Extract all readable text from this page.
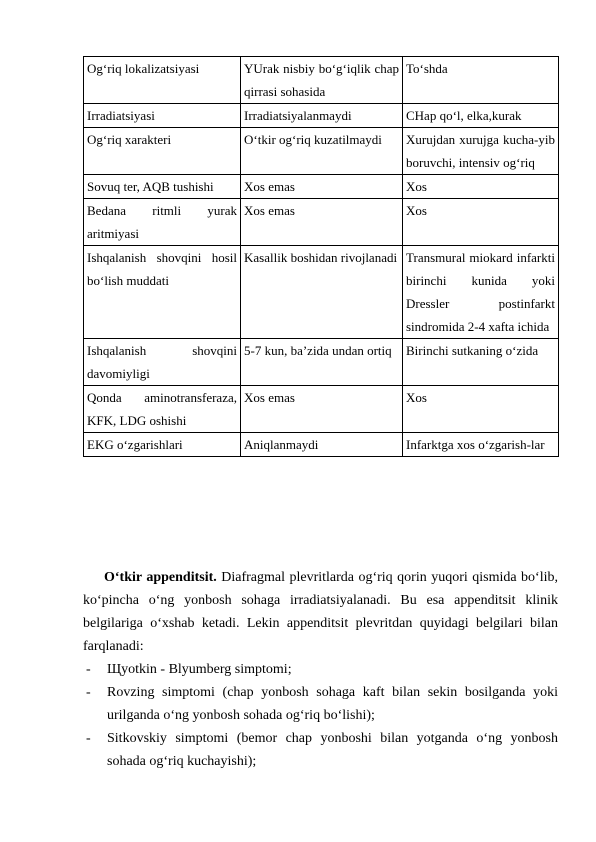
Og‘riq lokalizatsiyasi	YUrak nisbiy bo‘g‘iqlik chap qirrasi sohasida	To‘shda
Irradiatsiyasi	Irradiatsiyalanmaydi	CHap qo‘l, elka,kurak
Og‘riq xarakteri	O‘tkir og‘riq kuzatilmaydi	Xurujdan xurujga kucha-yib boruvchi, intensiv og‘riq
Sovuq ter, AQB tushishi	Xos emas	Xos
Bedana ritmli yurak aritmiyasi	Xos emas	Xos
Ishqalanish shovqini hosil bo‘lish muddati	Kasallik boshidan rivojlanadi	Transmural miokard infarkti birinchi kunida yoki Dressler postinfarkt sindromida 2-4 xafta ichida
Ishqalanish shovqini davomiyligi	5-7 kun, ba’zida undan ortiq	Birinchi sutkaning o‘zida
Qonda aminotransferaza, KFK, LDG oshishi	Xos emas	Xos
EKG o‘zgarishlari	Aniqlanmaydi	Infarktga xos o‘zgarish-lar

O‘tkir appenditsit. Diafragmal plevritlarda og‘riq qorin yuqori qismida bo‘lib, ko‘pincha o‘ng yonbosh sohaga irradiatsiyalanadi. Bu esa appenditsit klinik belgilariga o‘xshab ketadi. Lekin appenditsit plevritdan quyidagi belgilari bilan farqlanadi:

- Щyotkin - Blyumberg simptomi;
- Rovzing simptomi (chap yonbosh sohaga kaft bilan sekin bosilganda yoki urilganda o‘ng yonbosh sohada og‘riq bo‘lishi);
- Sitkovskiy simptomi (bemor chap yonboshi bilan yotganda o‘ng yonbosh sohada og‘riq kuchayishi);
